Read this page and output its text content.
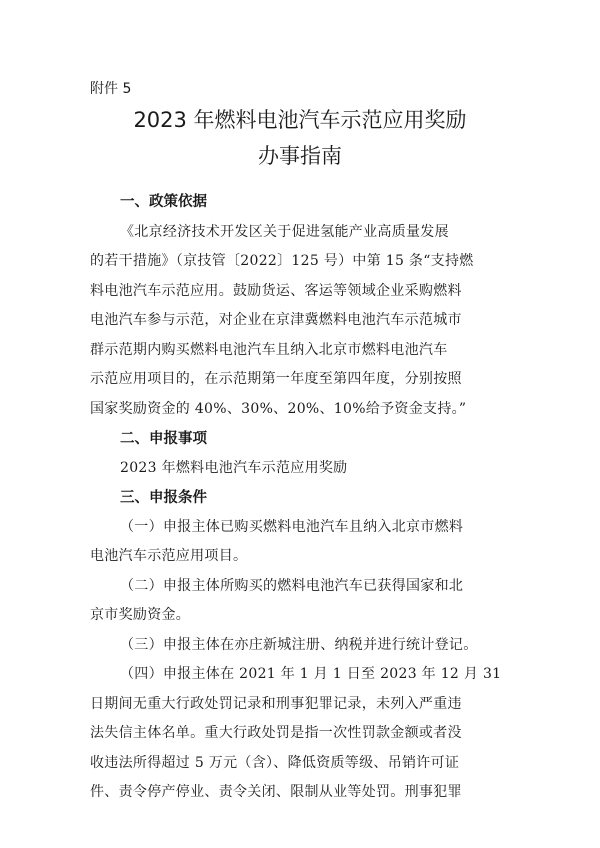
附件 5
2023 年燃料电池汽车示范应用奖励
办事指南
一、政策依据
《北京经济技术开发区关于促进氢能产业高质量发展
的若干措施》（京技管〔2022〕125 号）中第 15 条“支持燃
料电池汽车示范应用。鼓励货运、客运等领域企业采购燃料
电池汽车参与示范，对企业在京津冀燃料电池汽车示范城市
群示范期内购买燃料电池汽车且纳入北京市燃料电池汽车
示范应用项目的，在示范期第一年度至第四年度，分别按照
国家奖励资金的 40%、30%、20%、10%给予资金支持。”
二、申报事项
2023 年燃料电池汽车示范应用奖励
三、申报条件
（一）申报主体已购买燃料电池汽车且纳入北京市燃料
电池汽车示范应用项目。
（二）申报主体所购买的燃料电池汽车已获得国家和北
京市奖励资金。
（三）申报主体在亦庄新城注册、纳税并进行统计登记。
（四）申报主体在 2021 年 1 月 1 日至 2023 年 12 月 31
日期间无重大行政处罚记录和刑事犯罪记录，未列入严重违
法失信主体名单。重大行政处罚是指一次性罚款金额或者没
收违法所得超过 5 万元（含）、降低资质等级、吊销许可证
件、责令停产停业、责令关闭、限制从业等处罚。刑事犯罪
